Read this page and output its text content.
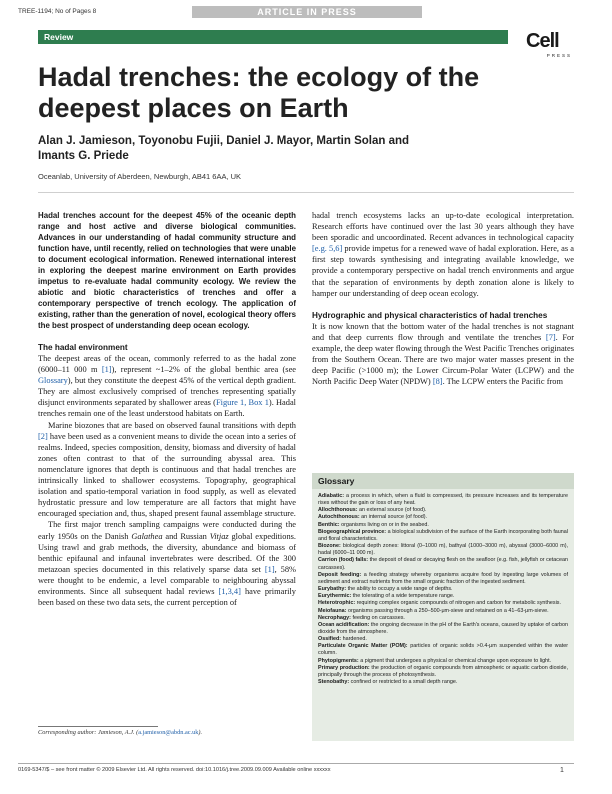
TREE-1194; No of Pages 8	ARTICLE IN PRESS
Review	Cell
PRESS
Hadal trenches: the ecology of the deepest places on Earth
Alan J. Jamieson, Toyonobu Fujii, Daniel J. Mayor, Martin Solan and
Imants G. Priede
Oceanlab, University of Aberdeen, Newburgh, AB41 6AA, UK

Hadal trenches account for the deepest 45% of the oceanic depth range and host active and diverse biological communities. Advances in our understanding of hadal community structure and function have, until recently, relied on technologies that were unable to document ecological information. Renewed international interest in exploring the deepest marine environment on Earth provides impetus to re-evaluate hadal community ecology. We review the abiotic and biotic characteristics of trenches and offer a contemporary perspective of trench ecology. The application of existing, rather than the generation of novel, ecological theory offers the best prospect of understanding deep ocean ecology.

The hadal environment

The deepest areas of the ocean, commonly referred to as the hadal zone (6000–11 000 m [1]), represent ~1–2% of the global benthic area (see Glossary), but they constitute the deepest 45% of the vertical depth gradient. They are almost exclusively comprised of trenches representing spatially disjunct environments separated by shallower areas (Figure 1, Box 1). Hadal trenches remain one of the least understood habitats on Earth.

Marine biozones that are based on observed faunal transitions with depth [2] have been used as a convenient means to divide the ocean into a series of realms. Indeed, species composition, density, biomass and diversity of hadal zones often contrast to that of the surrounding abyssal area. This nomenclature ignores that depth is continuous and that hadal trenches are intrinsically linked to shallower ecosystems. Topography, geographical isolation and spatio-temporal variation in food supply, as well as elevated hydrostatic pressure and low temperature are all factors that might have encouraged speciation and, thus, shaped present faunal assemblage structure.

The first major trench sampling campaigns were conducted during the early 1950s on the Danish Galathea and Russian Vitjaz global expeditions. Using trawl and grab methods, the diversity, abundance and biomass of benthic epifaunal and infaunal invertebrates were described. Of the 300 metazoan species documented in this relatively sparse data set [1], 58% were thought to be endemic, a level comparable to neighbouring abyssal environments. Since all subsequent hadal reviews [1,3,4] have primarily been based on these two data sets, the current perception of

Corresponding author: Jamieson, A.J. (a.jamieson@abdn.ac.uk).

hadal trench ecosystems lacks an up-to-date ecological interpretation. Research efforts have continued over the last 30 years although they have been sporadic and uncoordinated. Recent advances in technological capacity [e.g. 5,6] provide impetus for a renewed wave of hadal exploration. Here, as a first step towards synthesising and integrating available knowledge, we provide a contemporary perspective on hadal trench environments and argue that the separation of environments by depth zonation alone is likely to hamper our understanding of deep ocean ecology.

Hydrographic and physical characteristics of hadal trenches

It is now known that the bottom water of the hadal trenches is not stagnant and that deep currents flow through and ventilate the trenches [7]. For example, the deep water flowing through the West Pacific Trenches originates from the Southern Ocean. There are two major water masses present in the deep Pacific (>1000 m); the Lower Circum-Polar Water (LCPW) and the North Pacific Deep Water (NPDW) [8]. The LCPW enters the Pacific from

Glossary
Adiabatic: a process in which, when a fluid is compressed, its pressure increases and its temperature rises without the gain or loss of any heat.
Allochthonous: an external source (of food).
Autochthonous: an internal source (of food).
Benthic: organisms living on or in the seabed.
Biogeographical province: a biological subdivision of the surface of the Earth incorporating both faunal and floral characteristics.
Biozone: biological depth zones: littoral (0–1000 m), bathyal (1000–3000 m), abyssal (3000–6000 m), hadal (6000–11 000 m).
Carrion (food) falls: the deposit of dead or decaying flesh on the seafloor (e.g. fish, jellyfish or cetacean carcasses).
Deposit feeding: a feeding strategy whereby organisms acquire food by ingesting large volumes of sediment and extract nutrients from the small organic fraction of the ingested sediment.
Eurybathy: the ability to occupy a wide range of depths.
Eurythermic: the tolerating of a wide temperature range.
Heterotrophic: requiring complex organic compounds of nitrogen and carbon for metabolic synthesis.
Meiofauna: organisms passing through a 250–500-μm-sieve and retained on a 41–63-μm-sieve.
Necrophagy: feeding on carcasses.
Ocean acidification: the ongoing decrease in the pH of the Earth's oceans, caused by uptake of carbon dioxide from the atmosphere.
Ossified: hardened.
Particulate Organic Matter (POM): particles of organic solids >0.4-μm suspended within the water column.
Phytopigments: a pigment that undergoes a physical or chemical change upon exposure to light.
Primary production: the production of organic compounds from atmospheric or aquatic carbon dioxide, principally through the process of photosynthesis.
Stenobathy: confined or restricted to a small depth range.
0169-5347/$ – see front matter © 2009 Elsevier Ltd. All rights reserved. doi:10.1016/j.tree.2009.09.009 Available online xxxxxx	1
